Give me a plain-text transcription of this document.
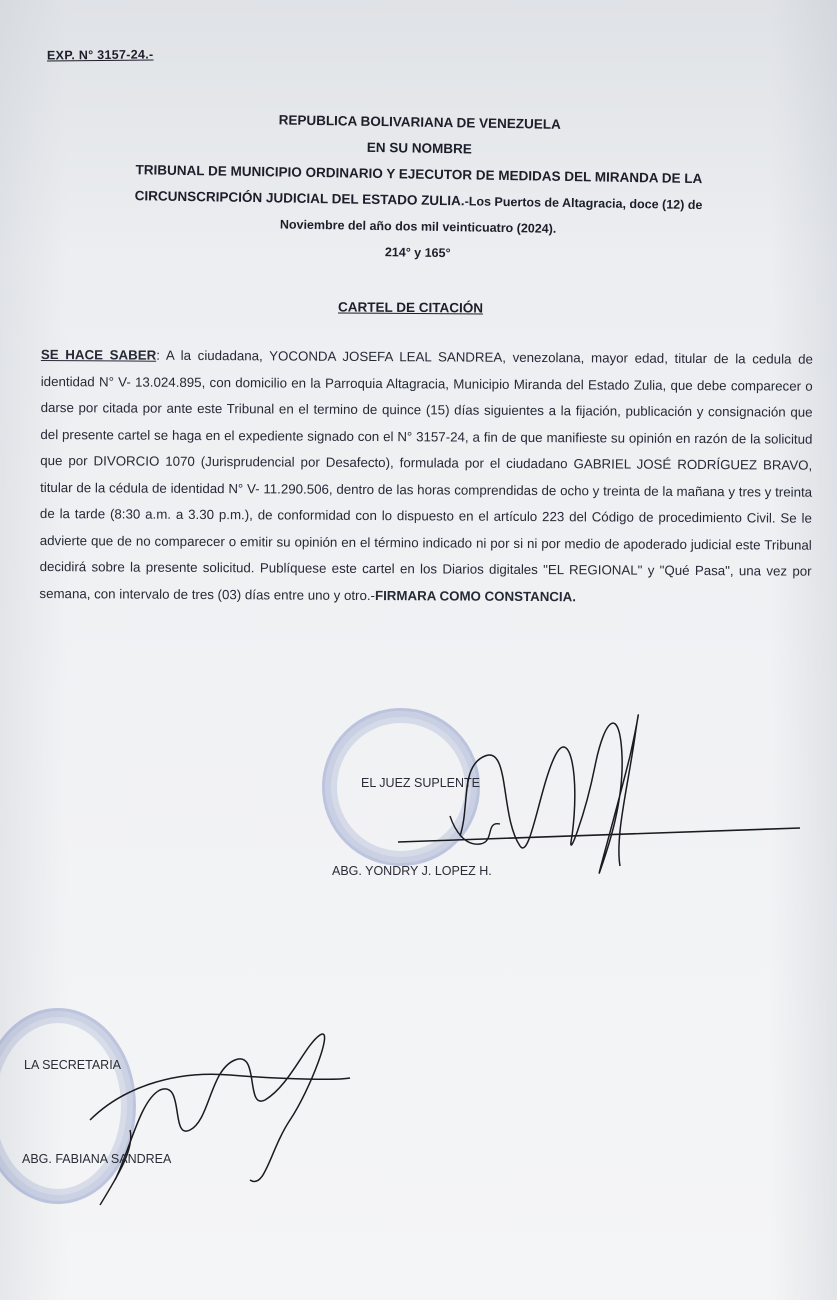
EXP. N° 3157-24.-
REPUBLICA BOLIVARIANA DE VENEZUELA
EN SU NOMBRE
TRIBUNAL DE MUNICIPIO ORDINARIO Y EJECUTOR DE MEDIDAS DEL MIRANDA DE LA
CIRCUNSCRIPCIÓN JUDICIAL DEL ESTADO ZULIA.-Los Puertos de Altagracia, doce (12) de
Noviembre del año dos mil veinticuatro (2024).
214° y 165°
CARTEL DE CITACIÓN
SE HACE SABER: A la ciudadana, YOCONDA JOSEFA LEAL SANDREA, venezolana, mayor edad, titular de la cedula de identidad N° V- 13.024.895, con domicilio en la Parroquia Altagracia, Municipio Miranda del Estado Zulia, que debe comparecer o darse por citada por ante este Tribunal en el termino de quince (15) días siguientes a la fijación, publicación y consignación que del presente cartel se haga en el expediente signado con el N° 3157-24, a fin de que manifieste su opinión en razón de la solicitud que por DIVORCIO 1070 (Jurisprudencial por Desafecto), formulada por el ciudadano GABRIEL JOSÉ RODRÍGUEZ BRAVO, titular de la cédula de identidad N° V- 11.290.506, dentro de las horas comprendidas de ocho y treinta de la mañana y tres y treinta de la tarde (8:30 a.m. a 3.30 p.m.), de conformidad con lo dispuesto en el artículo 223 del Código de procedimiento Civil. Se le advierte que de no comparecer o emitir su opinión en el término indicado ni por si ni por medio de apoderado judicial este Tribunal decidirá sobre la presente solicitud. Publíquese este cartel en los Diarios digitales "EL REGIONAL" y "Qué Pasa", una vez por semana, con intervalo de tres (03) días entre uno y otro.-FIRMARA COMO CONSTANCIA.
EL JUEZ SUPLENTE
ABG. YONDRY J. LOPEZ H.
LA SECRETARIA
ABG. FABIANA SANDREA
